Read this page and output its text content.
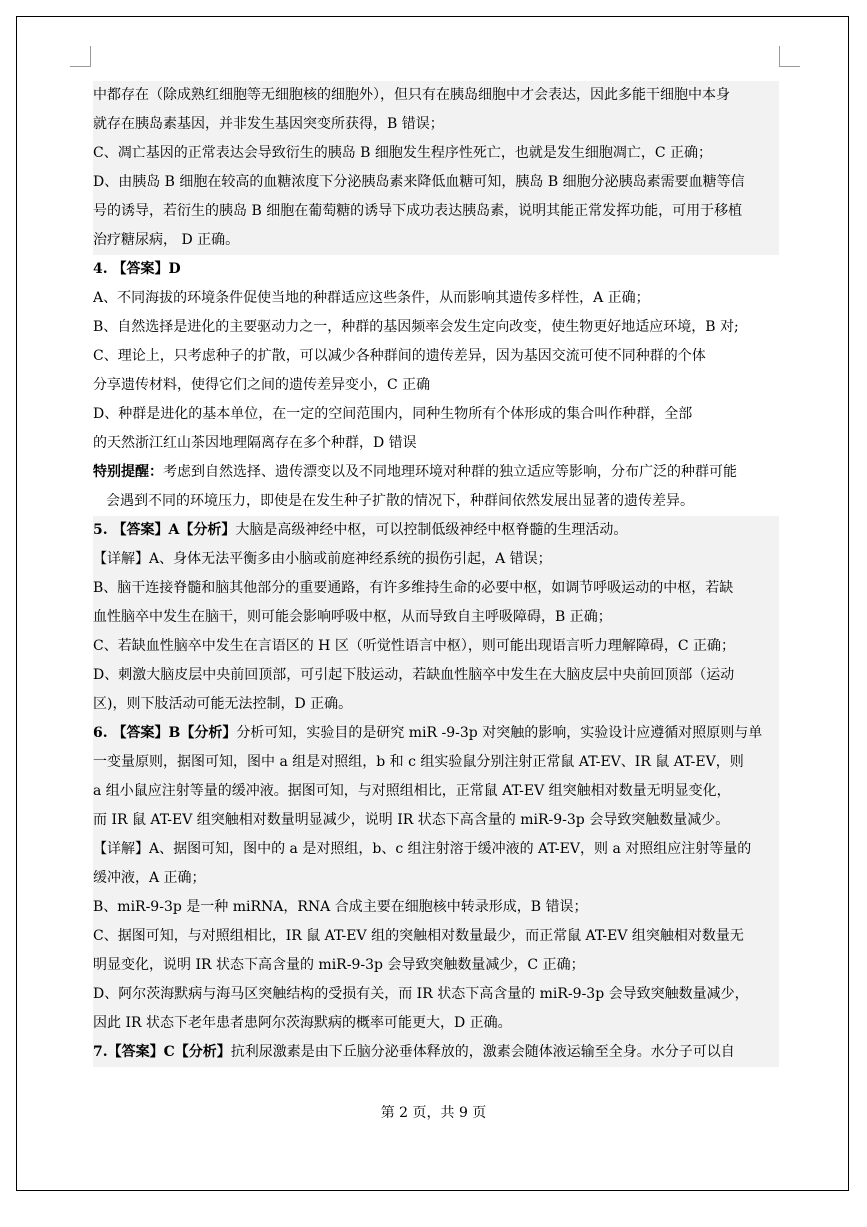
中都存在（除成熟红细胞等无细胞核的细胞外），但只有在胰岛细胞中才会表达，因此多能干细胞中本身
就存在胰岛素基因，并非发生基因突变所获得，B 错误；
C、凋亡基因的正常表达会导致衍生的胰岛 B 细胞发生程序性死亡，也就是发生细胞凋亡，C 正确；
D、由胰岛 B 细胞在较高的血糖浓度下分泌胰岛素来降低血糖可知，胰岛 B 细胞分泌胰岛素需要血糖等信
号的诱导，若衍生的胰岛 B 细胞在葡萄糖的诱导下成功表达胰岛素，说明其能正常发挥功能，可用于移植
治疗糖尿病， D 正确。
4. 【答案】D
A、不同海拔的环境条件促使当地的种群适应这些条件，从而影响其遗传多样性，A 正确；
B、自然选择是进化的主要驱动力之一，种群的基因频率会发生定向改变，使生物更好地适应环境，B 对;
C、理论上，只考虑种子的扩散，可以减少各种群间的遗传差异，因为基因交流可使不同种群的个体
分享遗传材料，使得它们之间的遗传差异变小，C 正确
D、种群是进化的基本单位，在一定的空间范围内，同种生物所有个体形成的集合叫作种群，全部
的天然浙江红山茶因地理隔离存在多个种群，D 错误
特别提醒：考虑到自然选择、遗传漂变以及不同地理环境对种群的独立适应等影响，分布广泛的种群可能
会遇到不同的环境压力，即使是在发生种子扩散的情况下，种群间依然发展出显著的遗传差异。
5. 【答案】A【分析】大脑是高级神经中枢，可以控制低级神经中枢脊髓的生理活动。
【详解】A、身体无法平衡多由小脑或前庭神经系统的损伤引起，A 错误；
B、脑干连接脊髓和脑其他部分的重要通路，有许多维持生命的必要中枢，如调节呼吸运动的中枢，若缺
血性脑卒中发生在脑干，则可能会影响呼吸中枢，从而导致自主呼吸障碍，B 正确；
C、若缺血性脑卒中发生在言语区的 H 区（听觉性语言中枢），则可能出现语言听力理解障碍，C 正确；
D、刺激大脑皮层中央前回顶部，可引起下肢运动，若缺血性脑卒中发生在大脑皮层中央前回顶部（运动
区)，则下肢活动可能无法控制，D 正确。
6. 【答案】B【分析】分析可知，实验目的是研究 miR -9-3p 对突触的影响，实验设计应遵循对照原则与单
一变量原则，据图可知，图中 a 组是对照组，b 和 c 组实验鼠分别注射正常鼠 AT-EV、IR 鼠 AT-EV，则
a 组小鼠应注射等量的缓冲液。据图可知，与对照组相比，正常鼠 AT-EV 组突触相对数量无明显变化，
而 IR 鼠 AT-EV 组突触相对数量明显减少，说明 IR 状态下高含量的 miR-9-3p 会导致突触数量减少。
【详解】A、据图可知，图中的 a 是对照组，b、c 组注射溶于缓冲液的 AT-EV，则 a 对照组应注射等量的
缓冲液，A 正确；
B、miR-9-3p 是一种 miRNA，RNA 合成主要在细胞核中转录形成，B 错误；
C、据图可知，与对照组相比，IR 鼠 AT-EV 组的突触相对数量最少，而正常鼠 AT-EV 组突触相对数量无
明显变化，说明 IR 状态下高含量的 miR-9-3p 会导致突触数量减少，C 正确；
D、阿尔茨海默病与海马区突触结构的受损有关，而 IR 状态下高含量的 miR-9-3p 会导致突触数量减少，
因此 IR 状态下老年患者患阿尔茨海默病的概率可能更大，D 正确。
7.【答案】C【分析】抗利尿激素是由下丘脑分泌垂体释放的，激素会随体液运输至全身。水分子可以自
第 2 页，共 9 页
